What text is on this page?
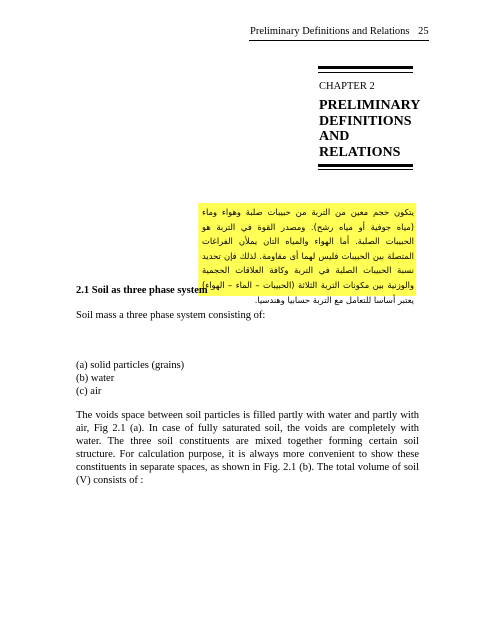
Preliminary Definitions and Relations 25
CHAPTER 2
PRELIMINARY
DEFINITIONS
AND
RELATIONS
يتكون حجم معين من التربة من حبيبات صلبة وهواء وماء (مياه جوفية أو مياه رشح). ومصدر القوة في التربة هو الحبيبات الصلبة. أما الهواء والمياه التان يملأن الفراغات المتصلة بين الحبيبات فليس لهما أى مقاومة. لذلك فإن تحديد نسبة الحبيبات الصلبة في التربة وكافة العلاقات الحجمية والوزنية بين مكونات التربة الثلاثة (الحبيبات – الماء – الهواء) يعتبر أساسا للتعامل مع التربة حسابيا وهندسيا.
2.1 Soil as three phase system
Soil mass a three phase system consisting of:
(a) solid particles (grains)
(b) water
(c) air
The voids space between soil particles is filled partly with water and partly with air, Fig 2.1 (a). In case of fully saturated soil, the voids are completely with water. The three soil constituents are mixed together forming certain soil structure. For calculation purpose, it is always more convenient to show these constituents in separate spaces, as shown in Fig. 2.1 (b). The total volume of soil (V) consists of :
